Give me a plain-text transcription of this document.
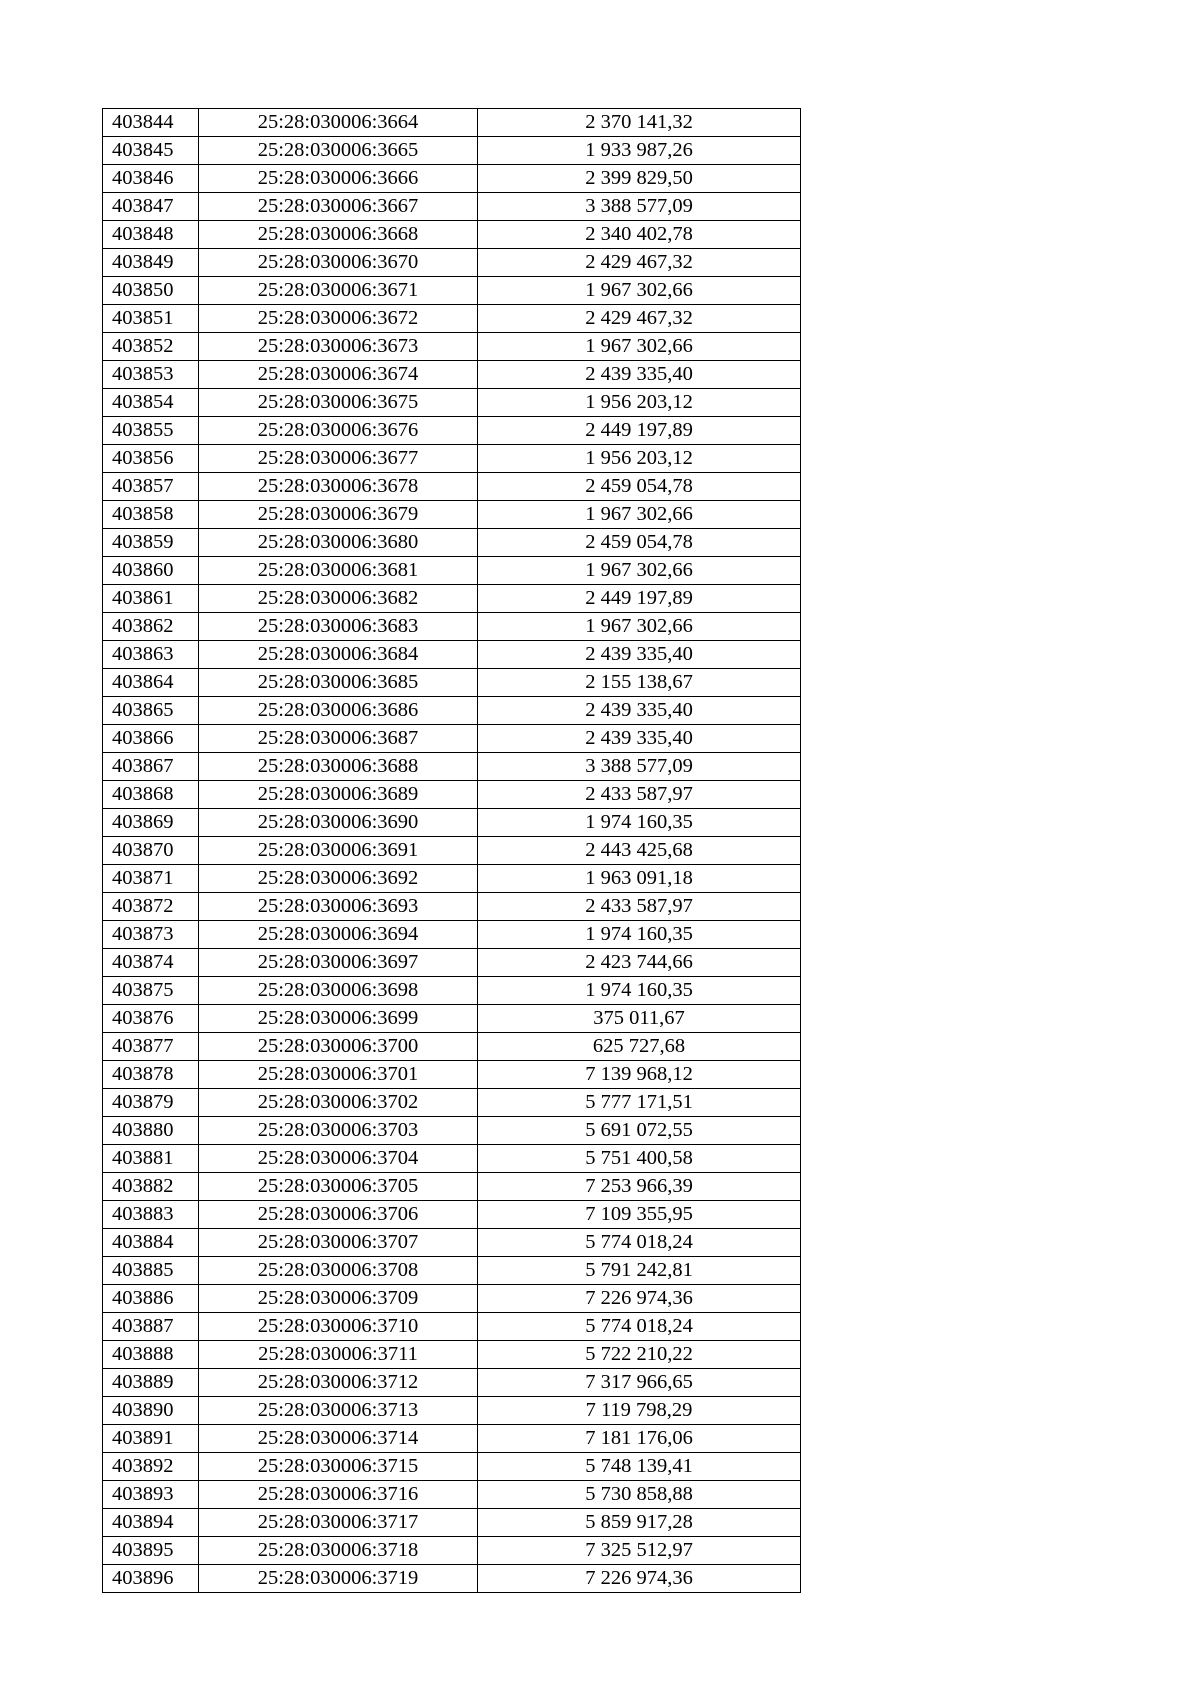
403844	25:28:030006:3664	2 370 141,32
403845	25:28:030006:3665	1 933 987,26
403846	25:28:030006:3666	2 399 829,50
403847	25:28:030006:3667	3 388 577,09
403848	25:28:030006:3668	2 340 402,78
403849	25:28:030006:3670	2 429 467,32
403850	25:28:030006:3671	1 967 302,66
403851	25:28:030006:3672	2 429 467,32
403852	25:28:030006:3673	1 967 302,66
403853	25:28:030006:3674	2 439 335,40
403854	25:28:030006:3675	1 956 203,12
403855	25:28:030006:3676	2 449 197,89
403856	25:28:030006:3677	1 956 203,12
403857	25:28:030006:3678	2 459 054,78
403858	25:28:030006:3679	1 967 302,66
403859	25:28:030006:3680	2 459 054,78
403860	25:28:030006:3681	1 967 302,66
403861	25:28:030006:3682	2 449 197,89
403862	25:28:030006:3683	1 967 302,66
403863	25:28:030006:3684	2 439 335,40
403864	25:28:030006:3685	2 155 138,67
403865	25:28:030006:3686	2 439 335,40
403866	25:28:030006:3687	2 439 335,40
403867	25:28:030006:3688	3 388 577,09
403868	25:28:030006:3689	2 433 587,97
403869	25:28:030006:3690	1 974 160,35
403870	25:28:030006:3691	2 443 425,68
403871	25:28:030006:3692	1 963 091,18
403872	25:28:030006:3693	2 433 587,97
403873	25:28:030006:3694	1 974 160,35
403874	25:28:030006:3697	2 423 744,66
403875	25:28:030006:3698	1 974 160,35
403876	25:28:030006:3699	375 011,67
403877	25:28:030006:3700	625 727,68
403878	25:28:030006:3701	7 139 968,12
403879	25:28:030006:3702	5 777 171,51
403880	25:28:030006:3703	5 691 072,55
403881	25:28:030006:3704	5 751 400,58
403882	25:28:030006:3705	7 253 966,39
403883	25:28:030006:3706	7 109 355,95
403884	25:28:030006:3707	5 774 018,24
403885	25:28:030006:3708	5 791 242,81
403886	25:28:030006:3709	7 226 974,36
403887	25:28:030006:3710	5 774 018,24
403888	25:28:030006:3711	5 722 210,22
403889	25:28:030006:3712	7 317 966,65
403890	25:28:030006:3713	7 119 798,29
403891	25:28:030006:3714	7 181 176,06
403892	25:28:030006:3715	5 748 139,41
403893	25:28:030006:3716	5 730 858,88
403894	25:28:030006:3717	5 859 917,28
403895	25:28:030006:3718	7 325 512,97
403896	25:28:030006:3719	7 226 974,36
